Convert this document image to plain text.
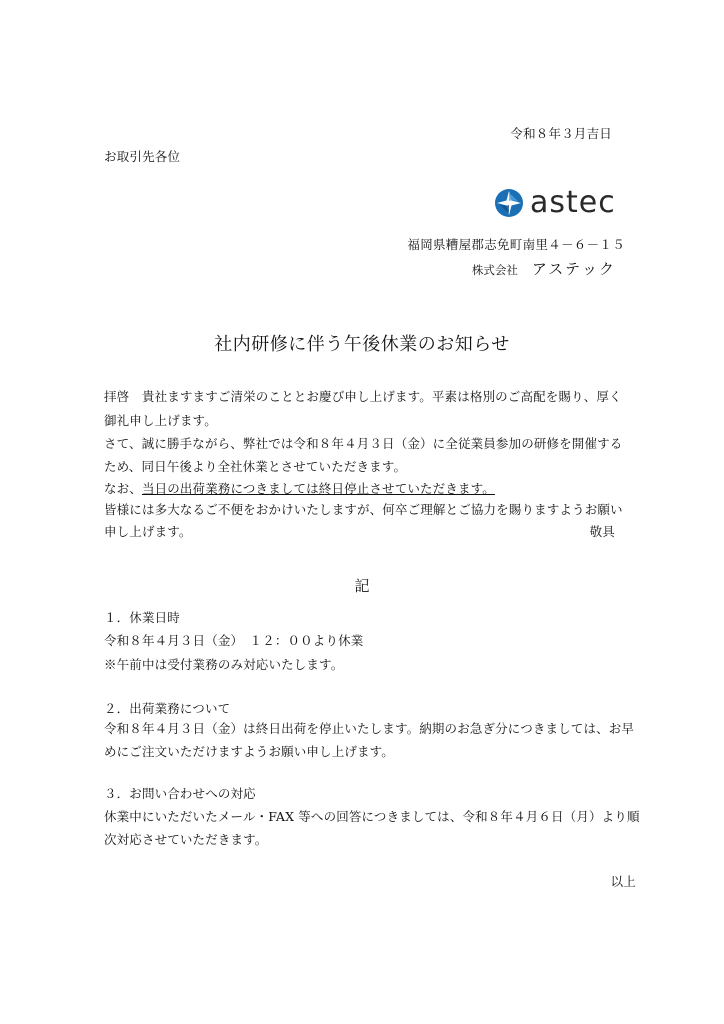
令和８年３月吉日
お取引先各位
astec
福岡県糟屋郡志免町南里４－６－１５
株式会社 アステック
社内研修に伴う午後休業のお知らせ
拝啓　貴社ますますご清栄のこととお慶び申し上げます。平素は格別のご高配を賜り、厚く
御礼申し上げます。
さて、誠に勝手ながら、弊社では令和８年４月３日（金）に全従業員参加の研修を開催する
ため、同日午後より全社休業とさせていただきます。
なお、当日の出荷業務につきましては終日停止させていただきます。
皆様には多大なるご不便をおかけいたしますが、何卒ご理解とご協力を賜りますようお願い
申し上げます。	敬具
記
１．休業日時
令和８年４月３日（金）　１２：００より休業
※午前中は受付業務のみ対応いたします。
２．出荷業務について
令和８年４月３日（金）は終日出荷を停止いたします。納期のお急ぎ分につきましては、お早
めにご注文いただけますようお願い申し上げます。
３．お問い合わせへの対応
休業中にいただいたメール・FAX 等への回答につきましては、令和８年４月６日（月）より順
次対応させていただきます。
以上
